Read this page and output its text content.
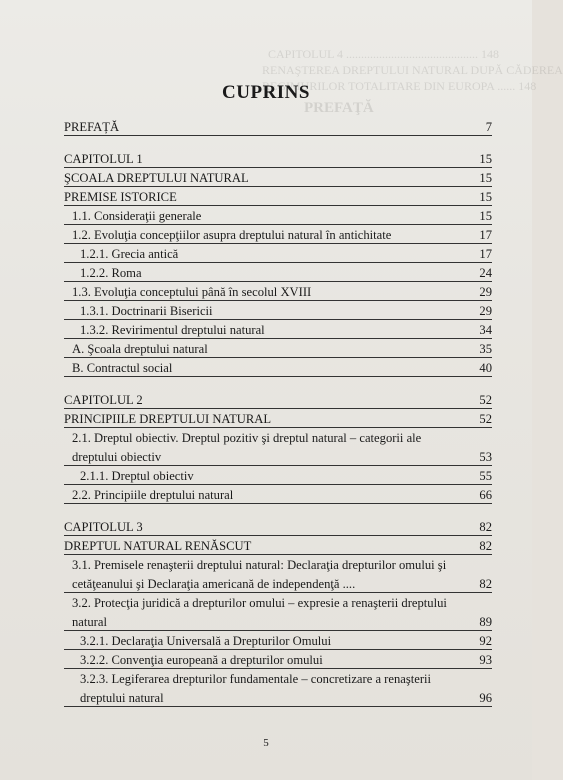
CAPITOLUL 4 ............................................ 148
RENAŞTEREA DREPTULUI NATURAL DUPĂ CĂDEREA
REGIMURILOR TOTALITARE DIN EUROPA ...... 148
PREFAŢĂ
CUPRINS
PREFAȚĂ	7
CAPITOLUL 1	15
ŞCOALA DREPTULUI NATURAL	15
PREMISE ISTORICE	15
1.1. Consideraţii generale	15
1.2. Evoluţia concepţiilor asupra dreptului natural în antichitate	17
1.2.1. Grecia antică	17
1.2.2. Roma	24
1.3. Evoluţia conceptului până în secolul XVIII	29
1.3.1. Doctrinarii Bisericii	29
1.3.2. Revirimentul dreptului natural	34
A. Şcoala dreptului natural	35
B. Contractul social	40
CAPITOLUL 2	52
PRINCIPIILE DREPTULUI NATURAL	52
2.1. Dreptul obiectiv. Dreptul pozitiv şi dreptul natural – categorii ale dreptului obiectiv	53
2.1.1. Dreptul obiectiv	55
2.2. Principiile dreptului natural	66
CAPITOLUL 3	82
DREPTUL NATURAL RENĂSCUT	82
3.1. Premisele renaşterii dreptului natural: Declaraţia drepturilor omului şi cetăţeanului şi Declaraţia americană de independenţă ....	82
3.2. Protecţia juridică a drepturilor omului – expresie a renaşterii dreptului natural	89
3.2.1. Declaraţia Universală a Drepturilor Omului	92
3.2.2. Convenţia europeană a drepturilor omului	93
3.2.3. Legiferarea drepturilor fundamentale – concretizare a renaşterii dreptului natural	96
5
